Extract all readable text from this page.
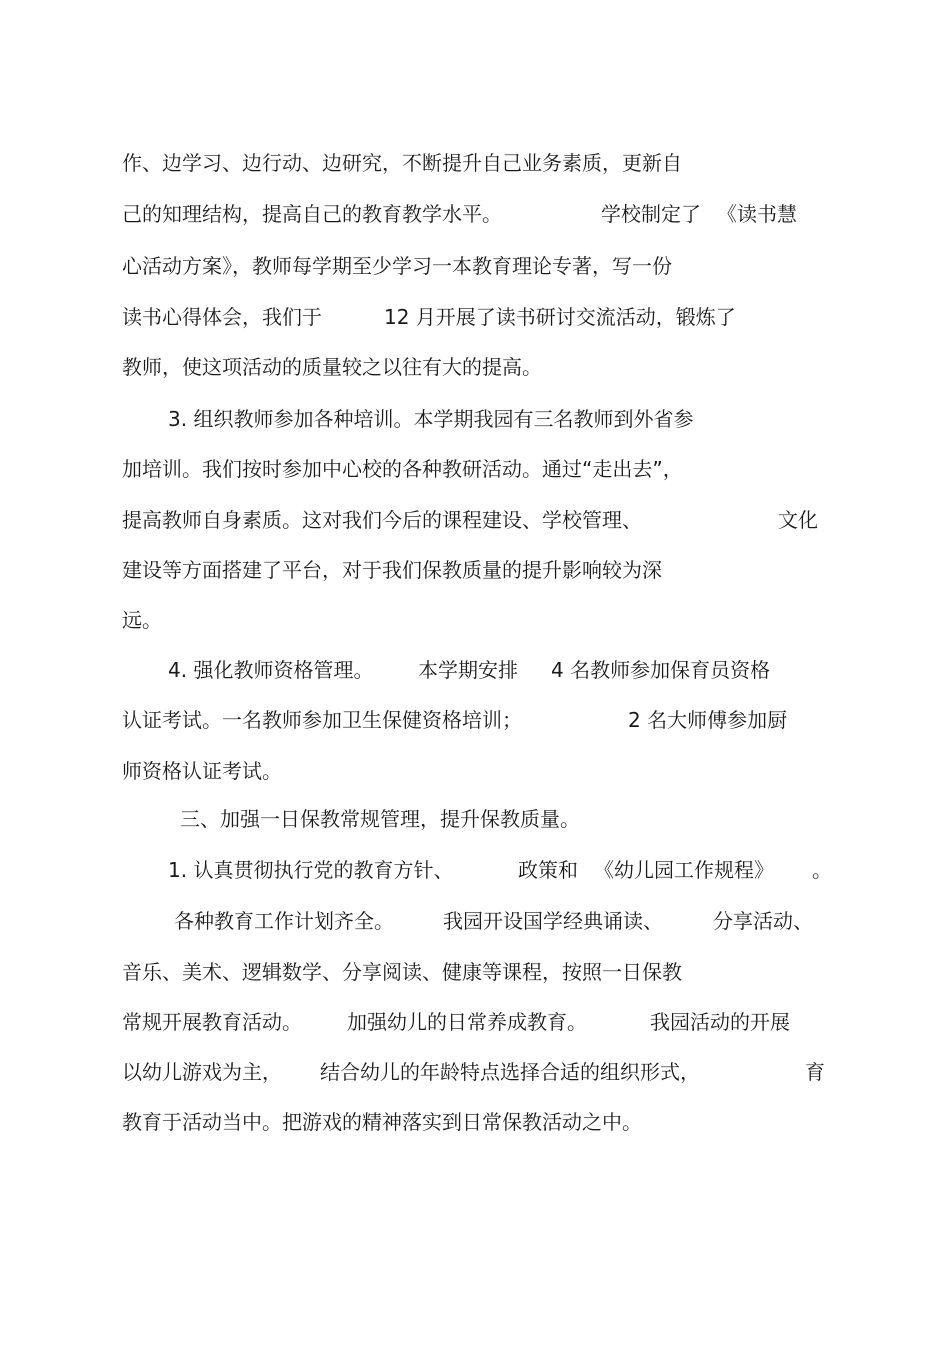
作、边学习、边行动、边研究，不断提升自己业务素质，更新自
己的知理结构，提高自己的教育教学水平。	学校制定了 《读书慧
心活动方案》，教师每学期至少学习一本教育理论专著，写一份
读书心得体会，我们于	12 月开展了读书研讨交流活动，锻炼了
教师，使这项活动的质量较之以往有大的提高。
3. 组织教师参加各种培训。本学期我园有三名教师到外省参
加培训。我们按时参加中心校的各种教研活动。通过“走出去”，
提高教师自身素质。这对我们今后的课程建设、学校管理、	文化
建设等方面搭建了平台，对于我们保教质量的提升影响较为深
远。
4. 强化教师资格管理。 本学期安排 4 名教师参加保育员资格
认证考试。一名教师参加卫生保健资格培训；	2 名大师傅参加厨
师资格认证考试。
三、加强一日保教常规管理，提升保教质量。
1. 认真贯彻执行党的教育方针、	政策和 《幼儿园工作规程》 。
各种教育工作计划齐全。 我园开设国学经典诵读、	分享活动、
音乐、美术、逻辑数学、分享阅读、健康等课程，按照一日保教
常规开展教育活动。 加强幼儿的日常养成教育。	我园活动的开展
以幼儿游戏为主， 结合幼儿的年龄特点选择合适的组织形式，	育
教育于活动当中。把游戏的精神落实到日常保教活动之中。
